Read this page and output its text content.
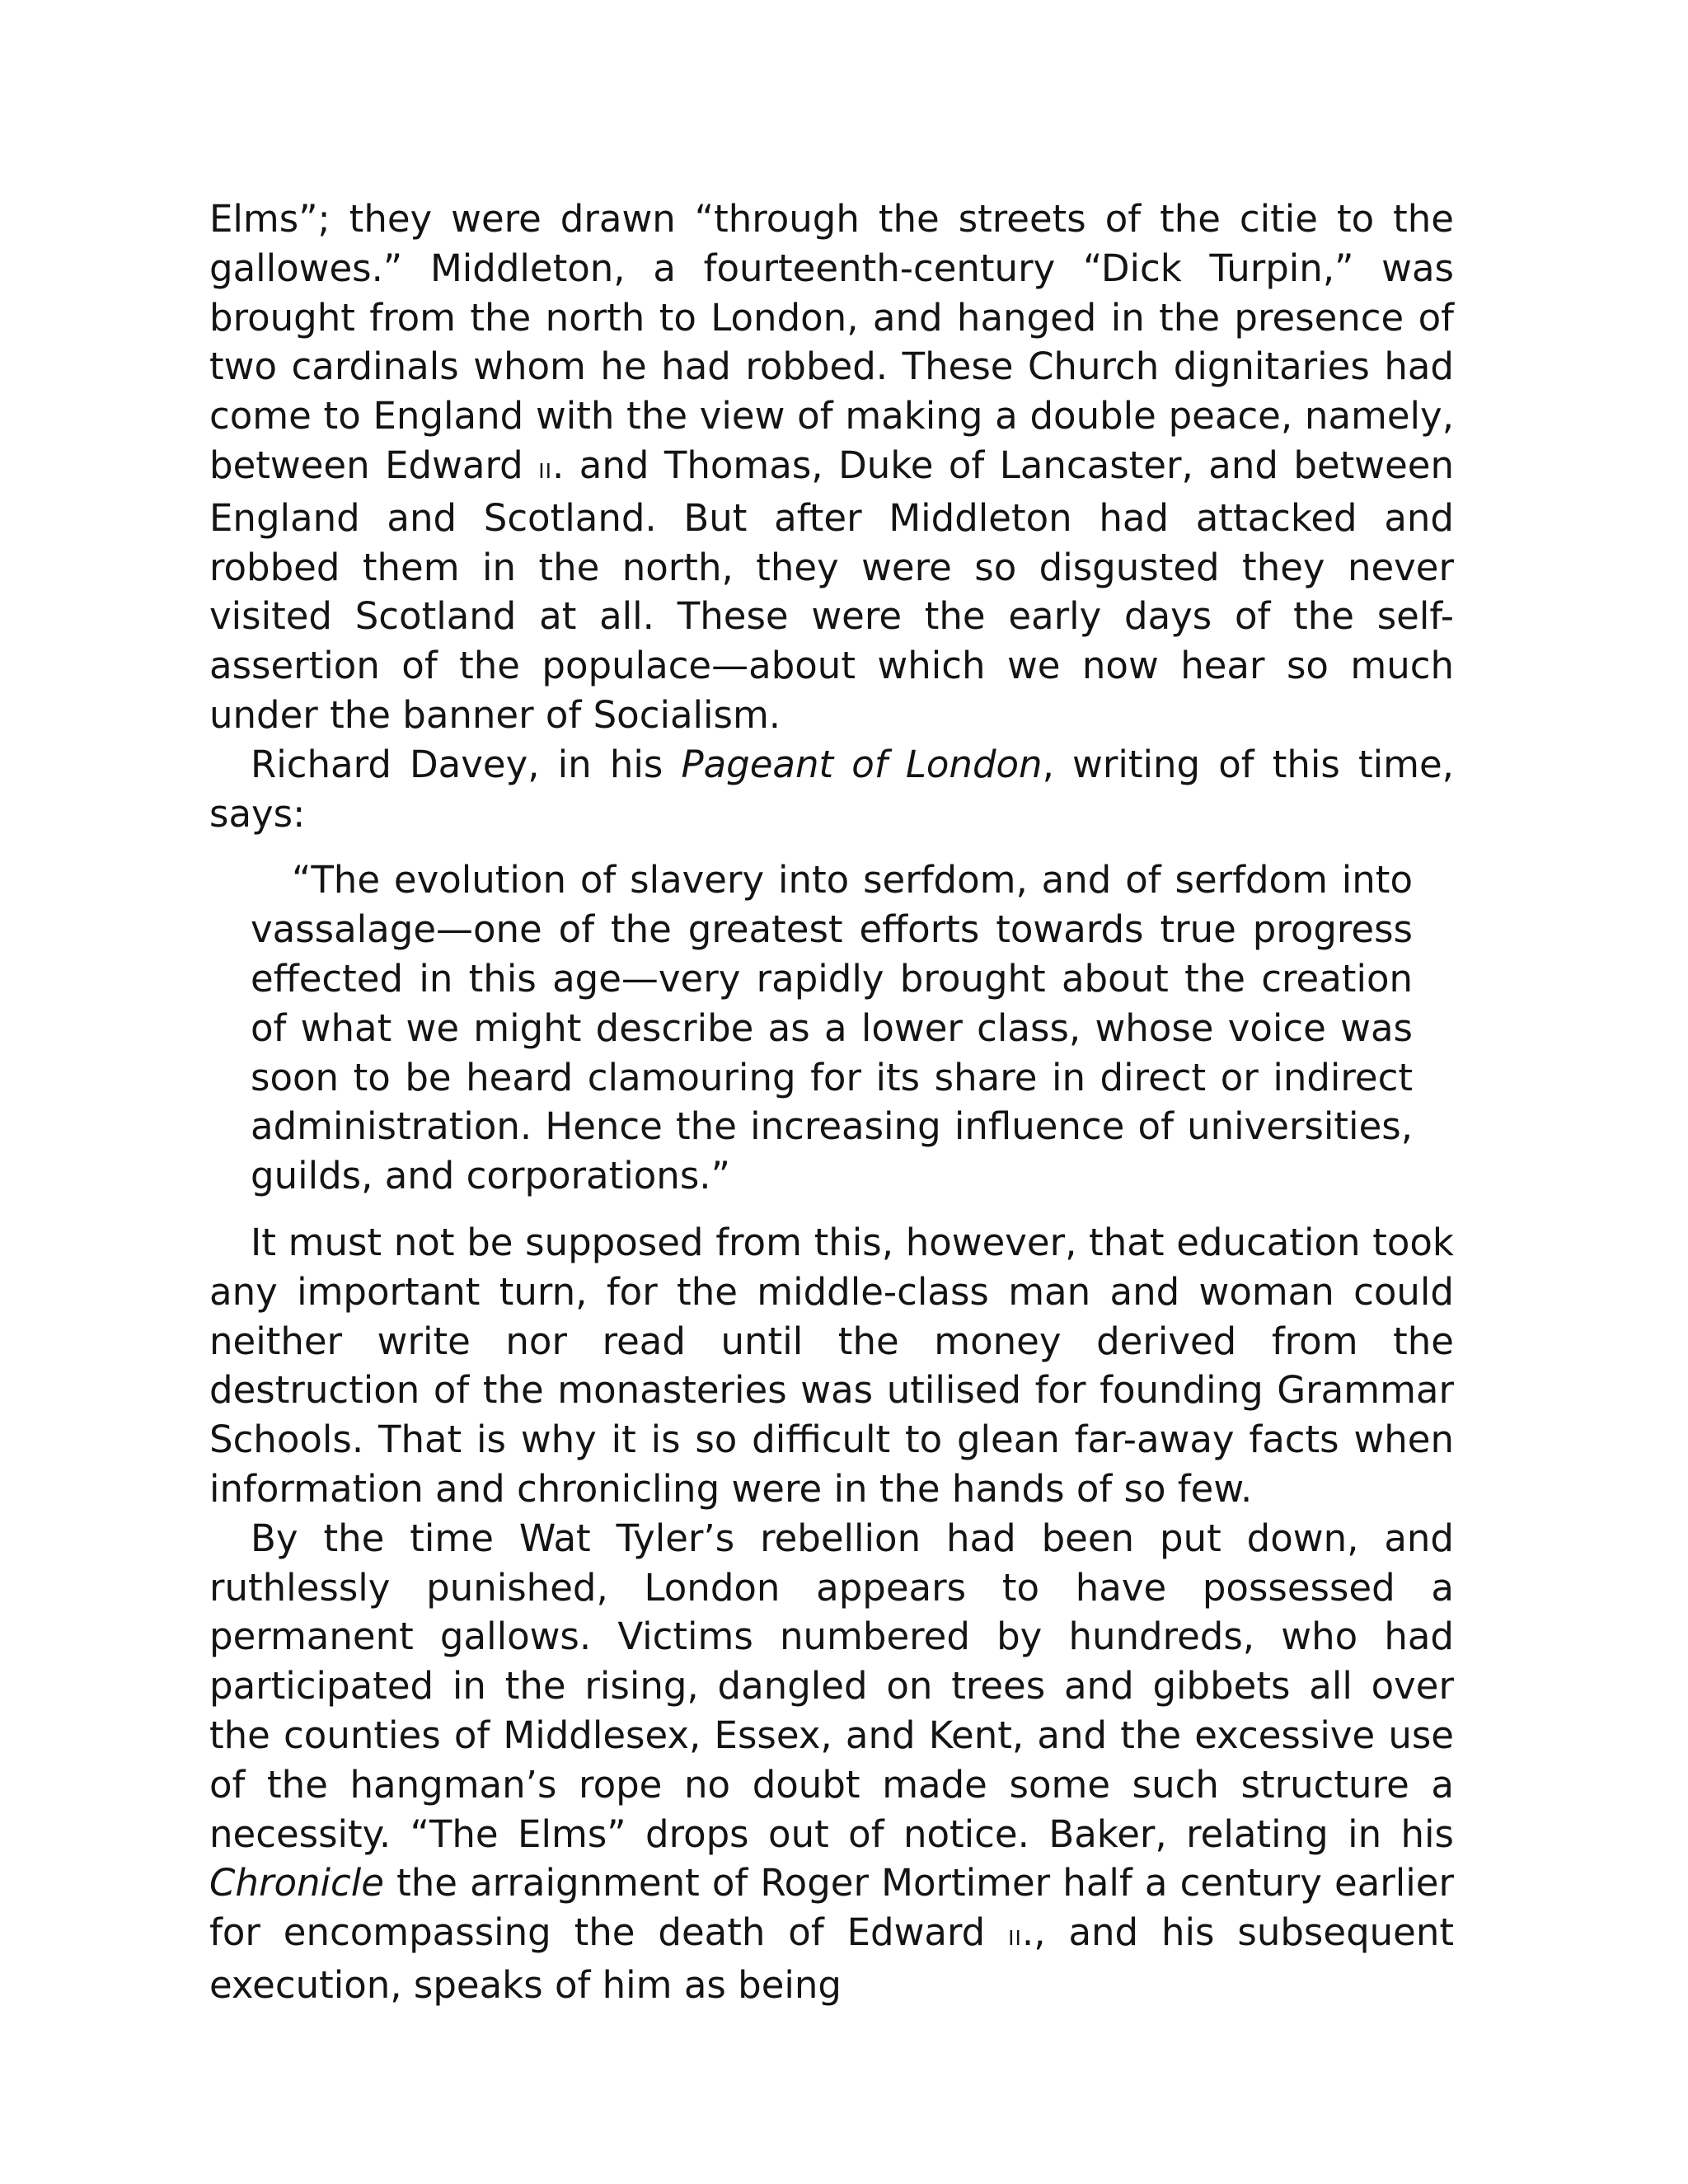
Elms”; they were drawn “through the streets of the citie to the gallowes.” Middleton, a fourteenth-century “Dick Turpin,” was brought from the north to London, and hanged in the presence of two cardinals whom he had robbed. These Church dignitaries had come to England with the view of making a double peace, namely, between Edward ii. and Thomas, Duke of Lancaster, and between England and Scotland. But after Middleton had attacked and robbed them in the north, they were so disgusted they never visited Scotland at all. These were the early days of the self-assertion of the populace—about which we now hear so much under the banner of Socialism.

Richard Davey, in his Pageant of London, writing of this time, says:

“The evolution of slavery into serfdom, and of serfdom into vassalage—one of the greatest efforts towards true progress effected in this age—very rapidly brought about the creation of what we might describe as a lower class, whose voice was soon to be heard clamouring for its share in direct or indirect administration. Hence the increasing influence of universities, guilds, and corporations.”

It must not be supposed from this, however, that education took any important turn, for the middle-class man and woman could neither write nor read until the money derived from the destruction of the monasteries was utilised for founding Grammar Schools. That is why it is so difficult to glean far-away facts when information and chronicling were in the hands of so few.

By the time Wat Tyler’s rebellion had been put down, and ruthlessly punished, London appears to have possessed a permanent gallows. Victims numbered by hundreds, who had participated in the rising, dangled on trees and gibbets all over the counties of Middlesex, Essex, and Kent, and the excessive use of the hangman’s rope no doubt made some such structure a necessity. “The Elms” drops out of notice. Baker, relating in his Chronicle the arraignment of Roger Mortimer half a century earlier for encompassing the death of Edward ii., and his subsequent execution, speaks of him as being
